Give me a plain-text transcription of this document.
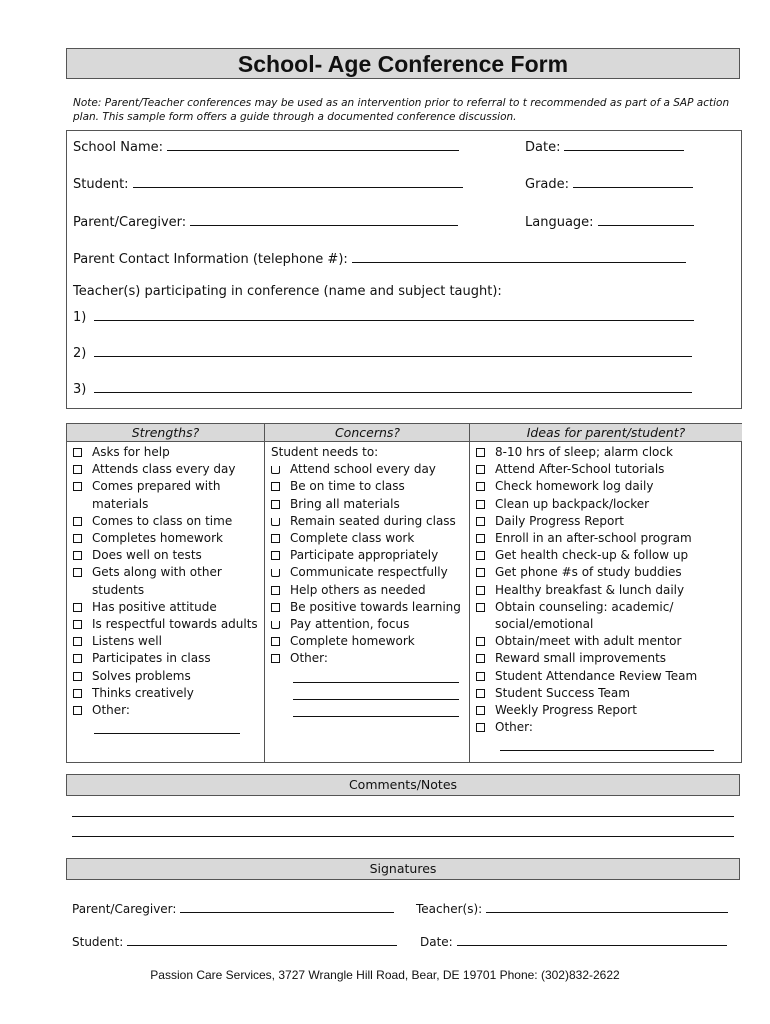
School- Age Conference Form
Note: Parent/Teacher conferences may be used as an intervention prior to referral to t recommended as part of a SAP action plan. This sample form offers a guide through a documented conference discussion.
School Name:	Date:
Student:	Grade:
Parent/Caregiver:	Language:
Parent Contact Information (telephone #):
Teacher(s) participating in conference (name and subject taught):
1)
2)
3)
Strengths?
Asks for help
Attends class every day
Comes prepared with materials
Comes to class on time
Completes homework
Does well on tests
Gets along with other students
Has positive attitude
Is respectful towards adults
Listens well
Participates in class
Solves problems
Thinks creatively
Other:
Concerns?
Student needs to:
Attend school every day
Be on time to class
Bring all materials
Remain seated during class
Complete class work
Participate appropriately
Communicate respectfully
Help others as needed
Be positive towards learning
Pay attention, focus
Complete homework
Other:
Ideas for parent/student?
8-10 hrs of sleep; alarm clock
Attend After-School tutorials
Check homework log daily
Clean up backpack/locker
Daily Progress Report
Enroll in an after-school program
Get health check-up & follow up
Get phone #s of study buddies
Healthy breakfast & lunch daily
Obtain counseling: academic/ social/emotional
Obtain/meet with adult mentor
Reward small improvements
Student Attendance Review Team
Student Success Team
Weekly Progress Report
Other:
Comments/Notes
Signatures
Parent/Caregiver:	Teacher(s):
Student:	Date:
Passion Care Services, 3727 Wrangle Hill Road, Bear, DE 19701 Phone: (302)832-2622
